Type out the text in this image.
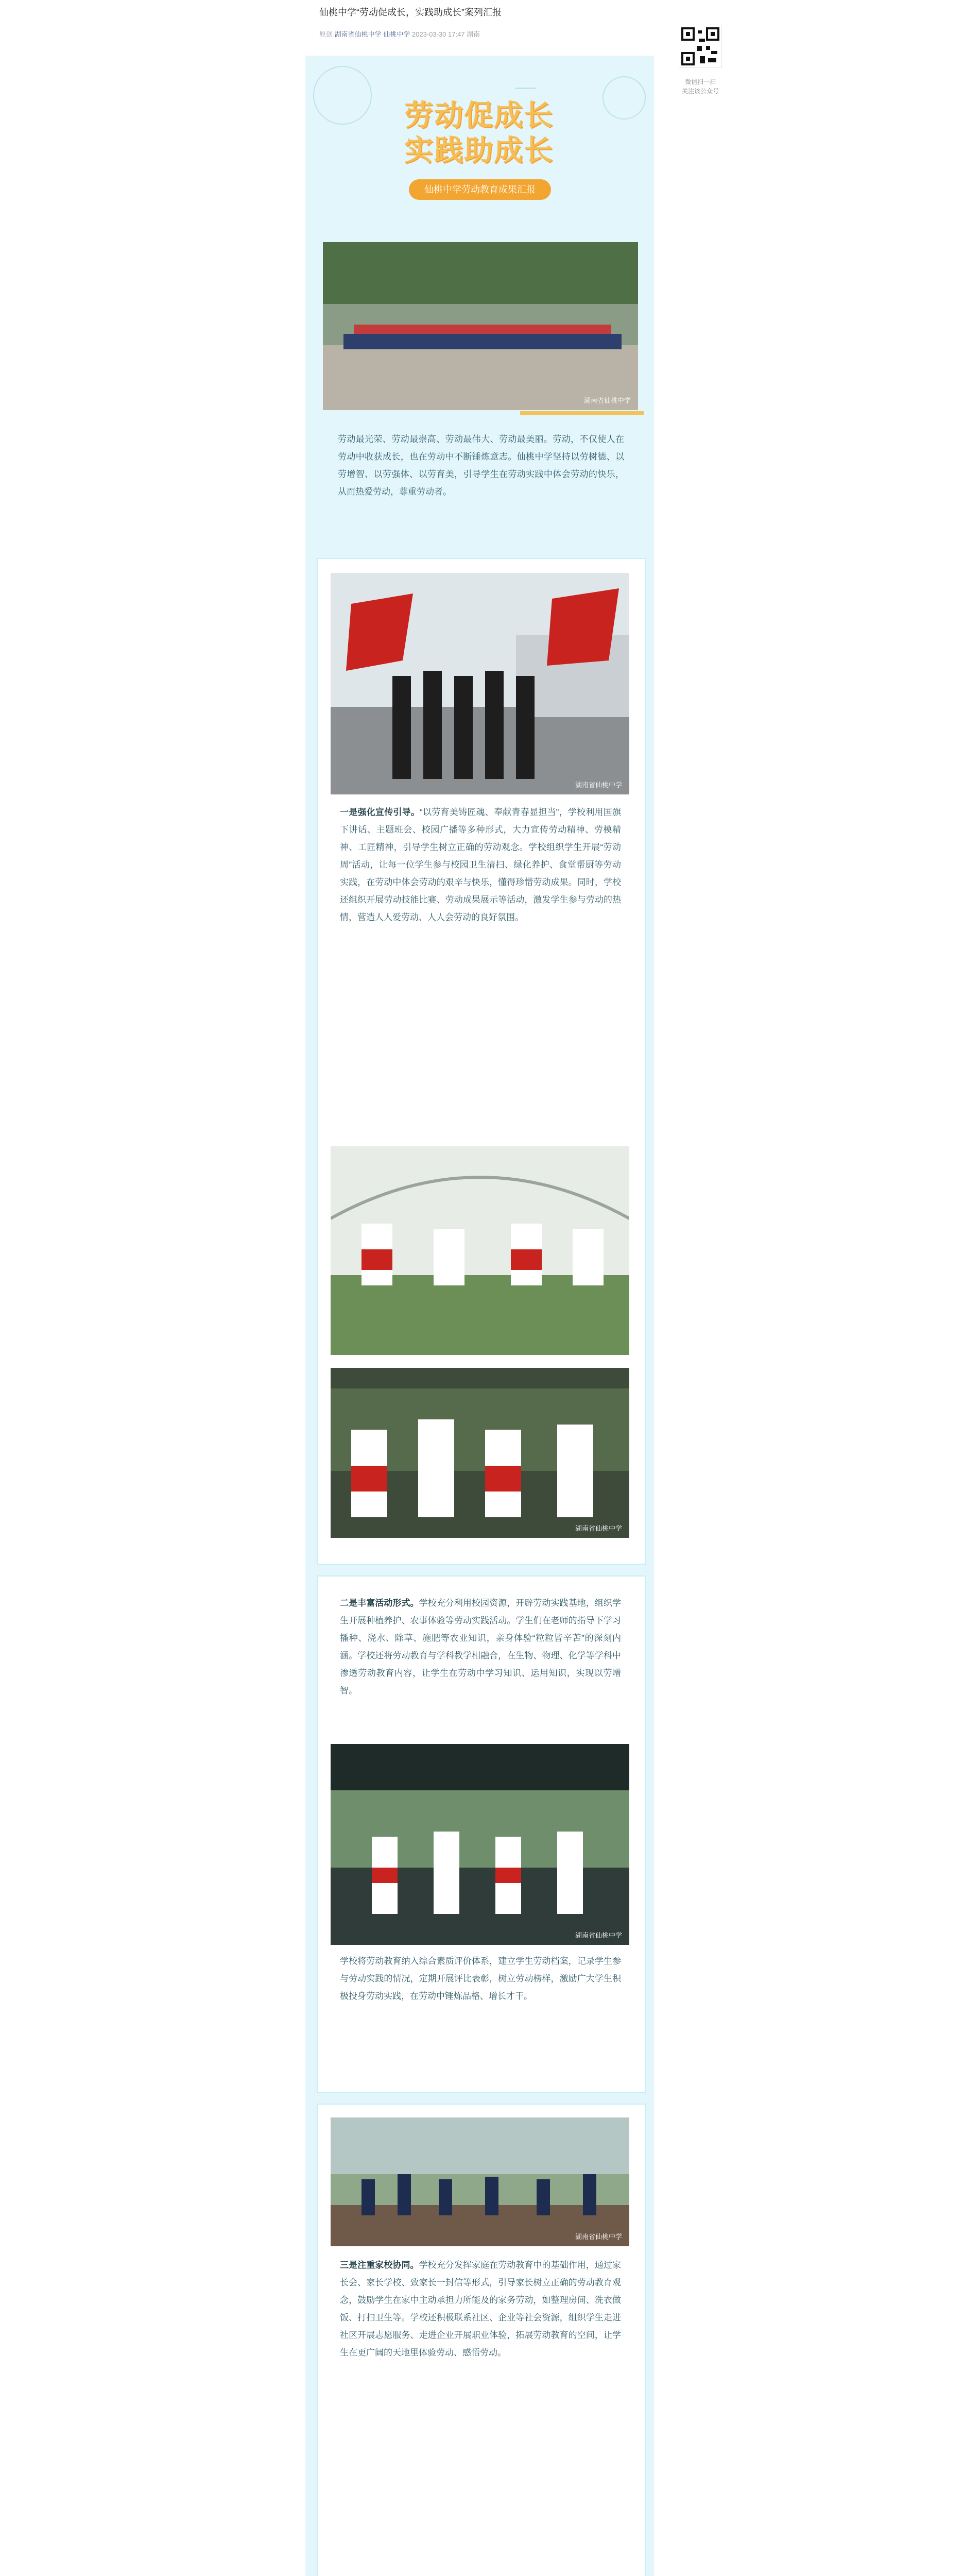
仙桃中学“劳动促成长，实践助成长”案列汇报
原创 湖南省仙桃中学 仙桃中学 2023-03-30 17:47 湖南
微信扫一扫
关注该公众号
劳动促成长
实践助成长
仙桃中学劳动教育成果汇报
湖南省仙桃中学
劳动最光荣、劳动最崇高、劳动最伟大、劳动最美丽。劳动，不仅使人在劳动中收获成长，也在劳动中不断锤炼意志。仙桃中学坚持以劳树德、以劳增智、以劳强体、以劳育美，引导学生在劳动实践中体会劳动的快乐，从而热爱劳动，尊重劳动者。
湖南省仙桃中学
一是强化宣传引导。“以劳育美铸匠魂、奉献青春显担当”，学校利用国旗下讲话、主题班会、校园广播等多种形式，大力宣传劳动精神、劳模精神、工匠精神，引导学生树立正确的劳动观念。学校组织学生开展“劳动周”活动，让每一位学生参与校园卫生清扫、绿化养护、食堂帮厨等劳动实践，在劳动中体会劳动的艰辛与快乐，懂得珍惜劳动成果。同时，学校还组织开展劳动技能比赛、劳动成果展示等活动，激发学生参与劳动的热情，营造人人爱劳动、人人会劳动的良好氛围。
湖南省仙桃中学
二是丰富活动形式。学校充分利用校园资源，开辟劳动实践基地，组织学生开展种植养护、农事体验等劳动实践活动。学生们在老师的指导下学习播种、浇水、除草、施肥等农业知识，亲身体验“粒粒皆辛苦”的深刻内涵。学校还将劳动教育与学科教学相融合，在生物、物理、化学等学科中渗透劳动教育内容，让学生在劳动中学习知识、运用知识，实现以劳增智。
湖南省仙桃中学
学校将劳动教育纳入综合素质评价体系，建立学生劳动档案，记录学生参与劳动实践的情况，定期开展评比表彰，树立劳动榜样，激励广大学生积极投身劳动实践，在劳动中锤炼品格、增长才干。
湖南省仙桃中学
三是注重家校协同。学校充分发挥家庭在劳动教育中的基础作用，通过家长会、家长学校、致家长一封信等形式，引导家长树立正确的劳动教育观念，鼓励学生在家中主动承担力所能及的家务劳动，如整理房间、洗衣做饭、打扫卫生等。学校还积极联系社区、企业等社会资源，组织学生走进社区开展志愿服务、走进企业开展职业体验，拓展劳动教育的空间，让学生在更广阔的天地里体验劳动、感悟劳动。
